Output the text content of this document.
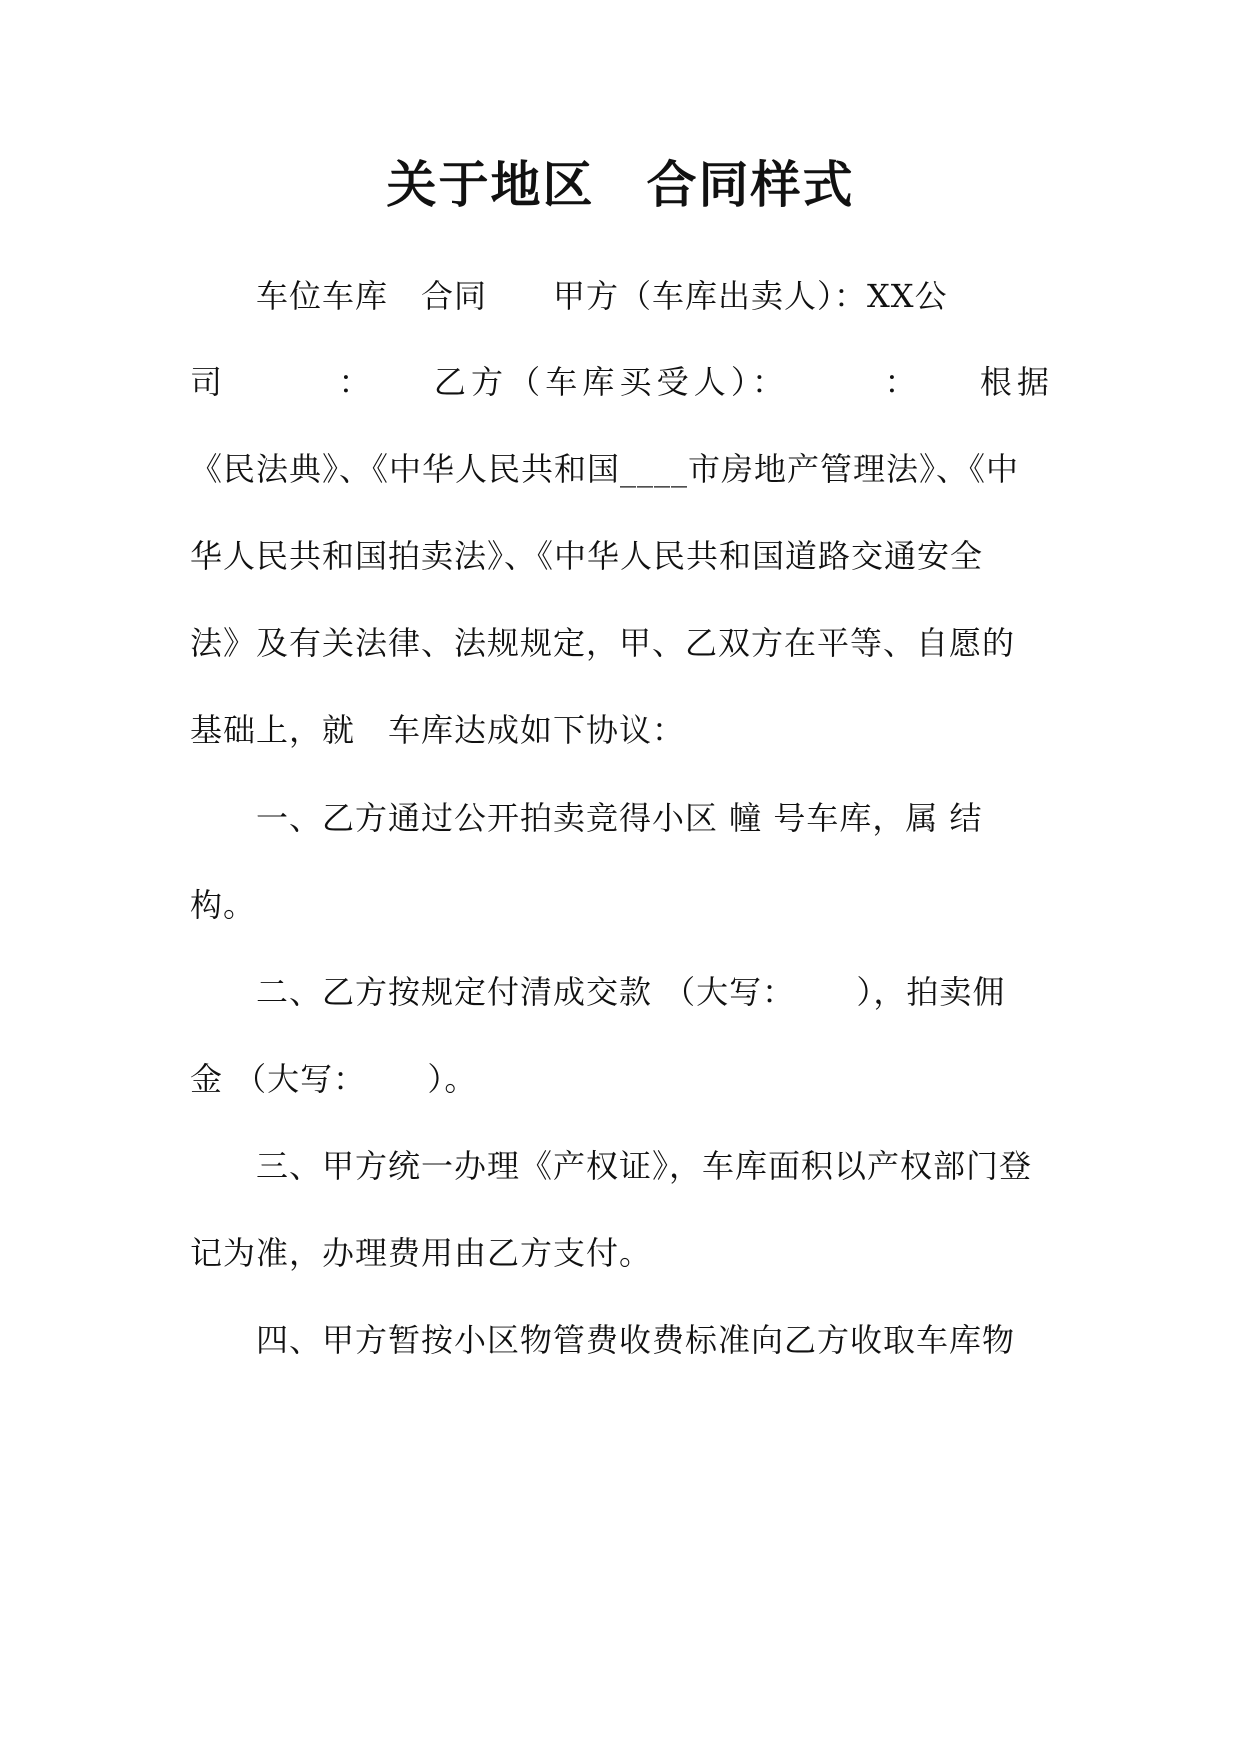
关于地区　合同样式
车位车库　合同　　甲方（车库出卖人）：XX公
司　　　：　　乙方（车库买受人）：　　　：　　根据
《民法典》、《中华人民共和国____市房地产管理法》、《中
华人民共和国拍卖法》、《中华人民共和国道路交通安全
法》及有关法律、法规规定，甲、乙双方在平等、自愿的
基础上，就　车库达成如下协议：
一、乙方通过公开拍卖竞得小区 幢 号车库，属 结
构。
二、乙方按规定付清成交款 （大写：　　 ），拍卖佣
金 （大写：　　 ）。
三、甲方统一办理《产权证》，车库面积以产权部门登
记为准，办理费用由乙方支付。
四、甲方暂按小区物管费收费标准向乙方收取车库物
